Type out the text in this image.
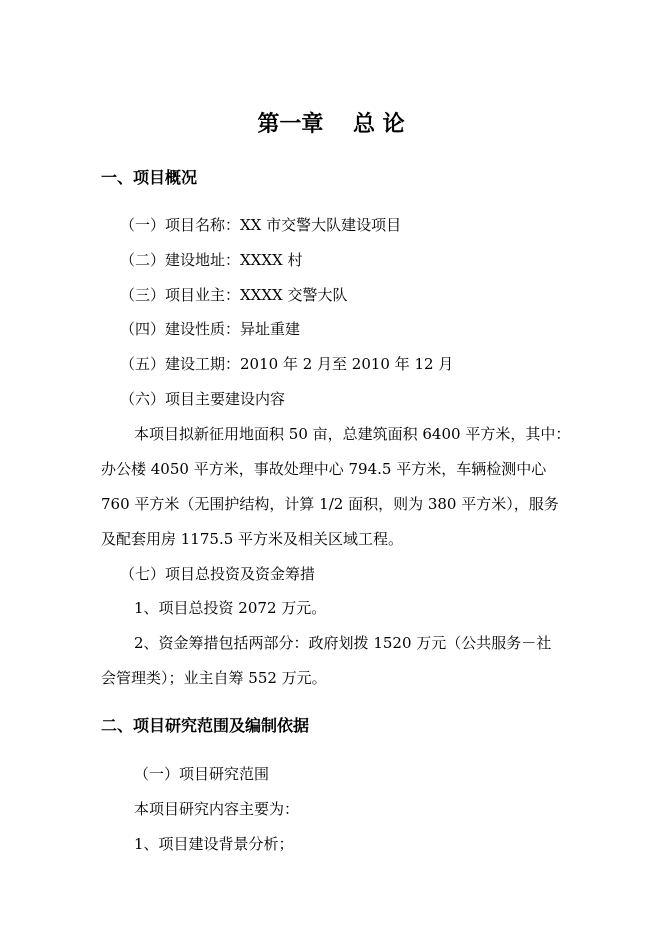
第一章　 总 论
一、项目概况
（一）项目名称：XX 市交警大队建设项目
（二）建设地址：XXXX 村
（三）项目业主：XXXX 交警大队
（四）建设性质：异址重建
（五）建设工期：2010 年 2 月至 2010 年 12 月
（六）项目主要建设内容
本项目拟新征用地面积 50 亩，总建筑面积 6400 平方米，其中：
办公楼 4050 平方米，事故处理中心 794.5 平方米，车辆检测中心
760 平方米（无围护结构，计算 1/2 面积，则为 380 平方米），服务
及配套用房 1175.5 平方米及相关区域工程。
（七）项目总投资及资金筹措
1、项目总投资 2072 万元。
2、资金筹措包括两部分：政府划拨 1520 万元（公共服务－社
会管理类）；业主自筹 552 万元。
二、项目研究范围及编制依据
（一）项目研究范围
本项目研究内容主要为：
1、项目建设背景分析；
